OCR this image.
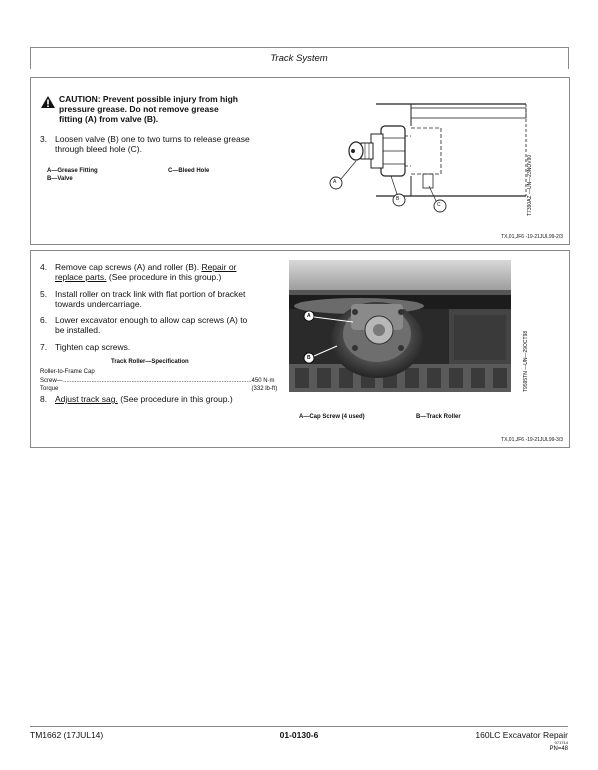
Track System
CAUTION: Prevent possible injury from high
pressure grease. Do not remove grease
fitting (A) from valve (B).
3. Loosen valve (B) one to two turns to release grease
through bleed hole (C).
A—Grease Fitting
B—Valve
C—Bleed Hole
A
B
C	T7390AZ —UN—23NOV90
TX,01,JF6 -19-21JUL99-2/3
4. Remove cap screws (A) and roller (B). Repair or
replace parts. (See procedure in this group.)
5. Install roller on track link with flat portion of bracket
towards undercarriage.
6. Lower excavator enough to allow cap screws (A) to
be installed.
7. Tighten cap screws.
Track Roller—Specification
Roller-to-Frame Cap
Screw—Torque
................................................................................................................. 450 N·m (332 lb-ft)
8. Adjust track sag. (See procedure in this group.)
A
B	T9595TN —UN—29OCT98
A—Cap Screw (4 used)	B—Track Roller
TX,01,JF6 -19-21JUL99-3/3
TM1662 (17JUL14)	01-0130-6	160LC Excavator Repair
071714
PN=48
